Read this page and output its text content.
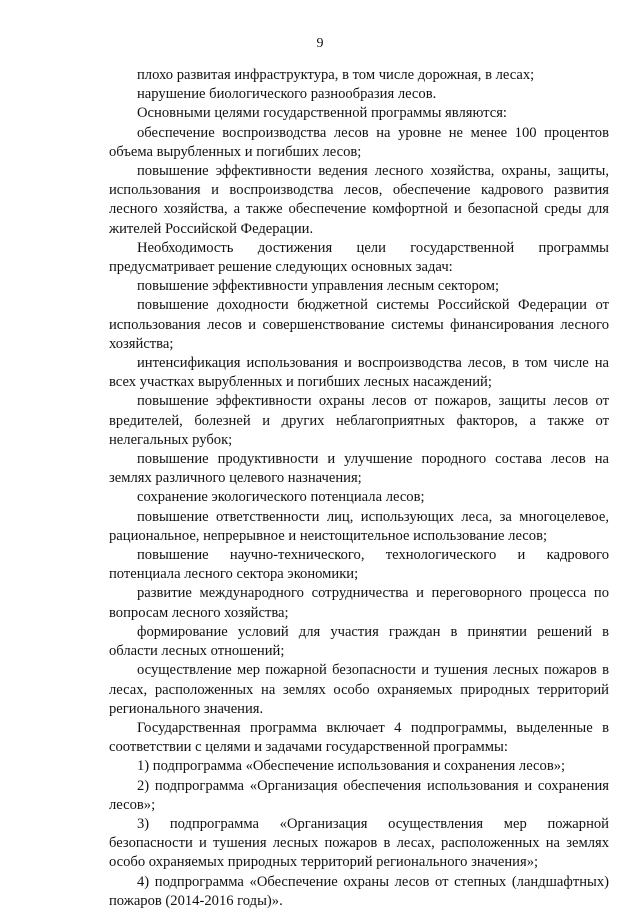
9

плохо развитая инфраструктура, в том числе дорожная, в лесах;

нарушение биологического разнообразия лесов.

Основными целями государственной программы являются:

обеспечение воспроизводства лесов на уровне не менее 100 процентов объема вырубленных и погибших лесов;

повышение эффективности ведения лесного хозяйства, охраны, защиты, использования и воспроизводства лесов, обеспечение кадрового развития лесного хозяйства, а также обеспечение комфортной и безопасной среды для жителей Российской Федерации.

Необходимость достижения цели государственной программы предусматривает решение следующих основных задач:

повышение эффективности управления лесным сектором;

повышение доходности бюджетной системы Российской Федерации от использования лесов и совершенствование системы финансирования лесного хозяйства;

интенсификация использования и воспроизводства лесов, в том числе на всех участках вырубленных и погибших лесных насаждений;

повышение эффективности охраны лесов от пожаров, защиты лесов от вредителей, болезней и других неблагоприятных факторов, а также от нелегальных рубок;

повышение продуктивности и улучшение породного состава лесов на землях различного целевого назначения;

сохранение экологического потенциала лесов;

повышение ответственности лиц, использующих леса, за многоцелевое, рациональное, непрерывное и неистощительное использование лесов;

повышение научно-технического, технологического и кадрового потенциала лесного сектора экономики;

развитие международного сотрудничества и переговорного процесса по вопросам лесного хозяйства;

формирование условий для участия граждан в принятии решений в области лесных отношений;

осуществление мер пожарной безопасности и тушения лесных пожаров в лесах, расположенных на землях особо охраняемых природных территорий регионального значения.

Государственная программа включает 4 подпрограммы, выделенные в соответствии с целями и задачами государственной программы:

1) подпрограмма «Обеспечение использования и сохранения лесов»;

2) подпрограмма «Организация обеспечения использования и сохранения лесов»;

3) подпрограмма «Организация осуществления мер пожарной безопасности и тушения лесных пожаров в лесах, расположенных на землях особо охраняемых природных территорий регионального значения»;

4) подпрограмма «Обеспечение охраны лесов от степных (ландшафтных) пожаров (2014-2016 годы)».
